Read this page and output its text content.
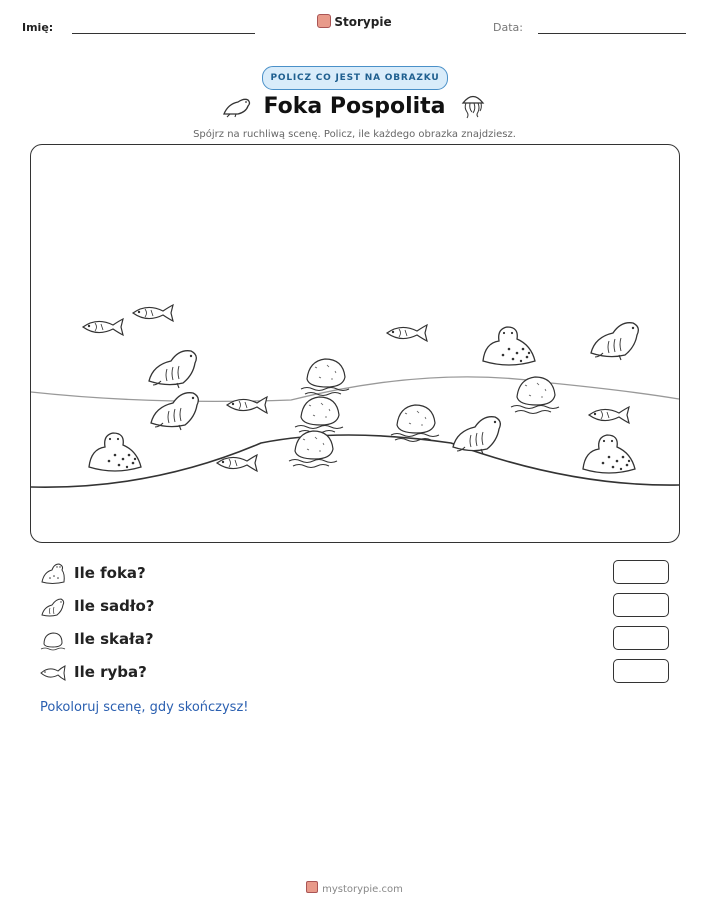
Imię:	Storypie	Data:
POLICZ CO JEST NA OBRAZKU
Foka Pospolita
Spójrz na ruchliwą scenę. Policz, ile każdego obrazka znajdziesz.
Ile foka?
Ile sadło?
Ile skała?
Ile ryba?
Pokoloruj scenę, gdy skończysz!
mystorypie.com
